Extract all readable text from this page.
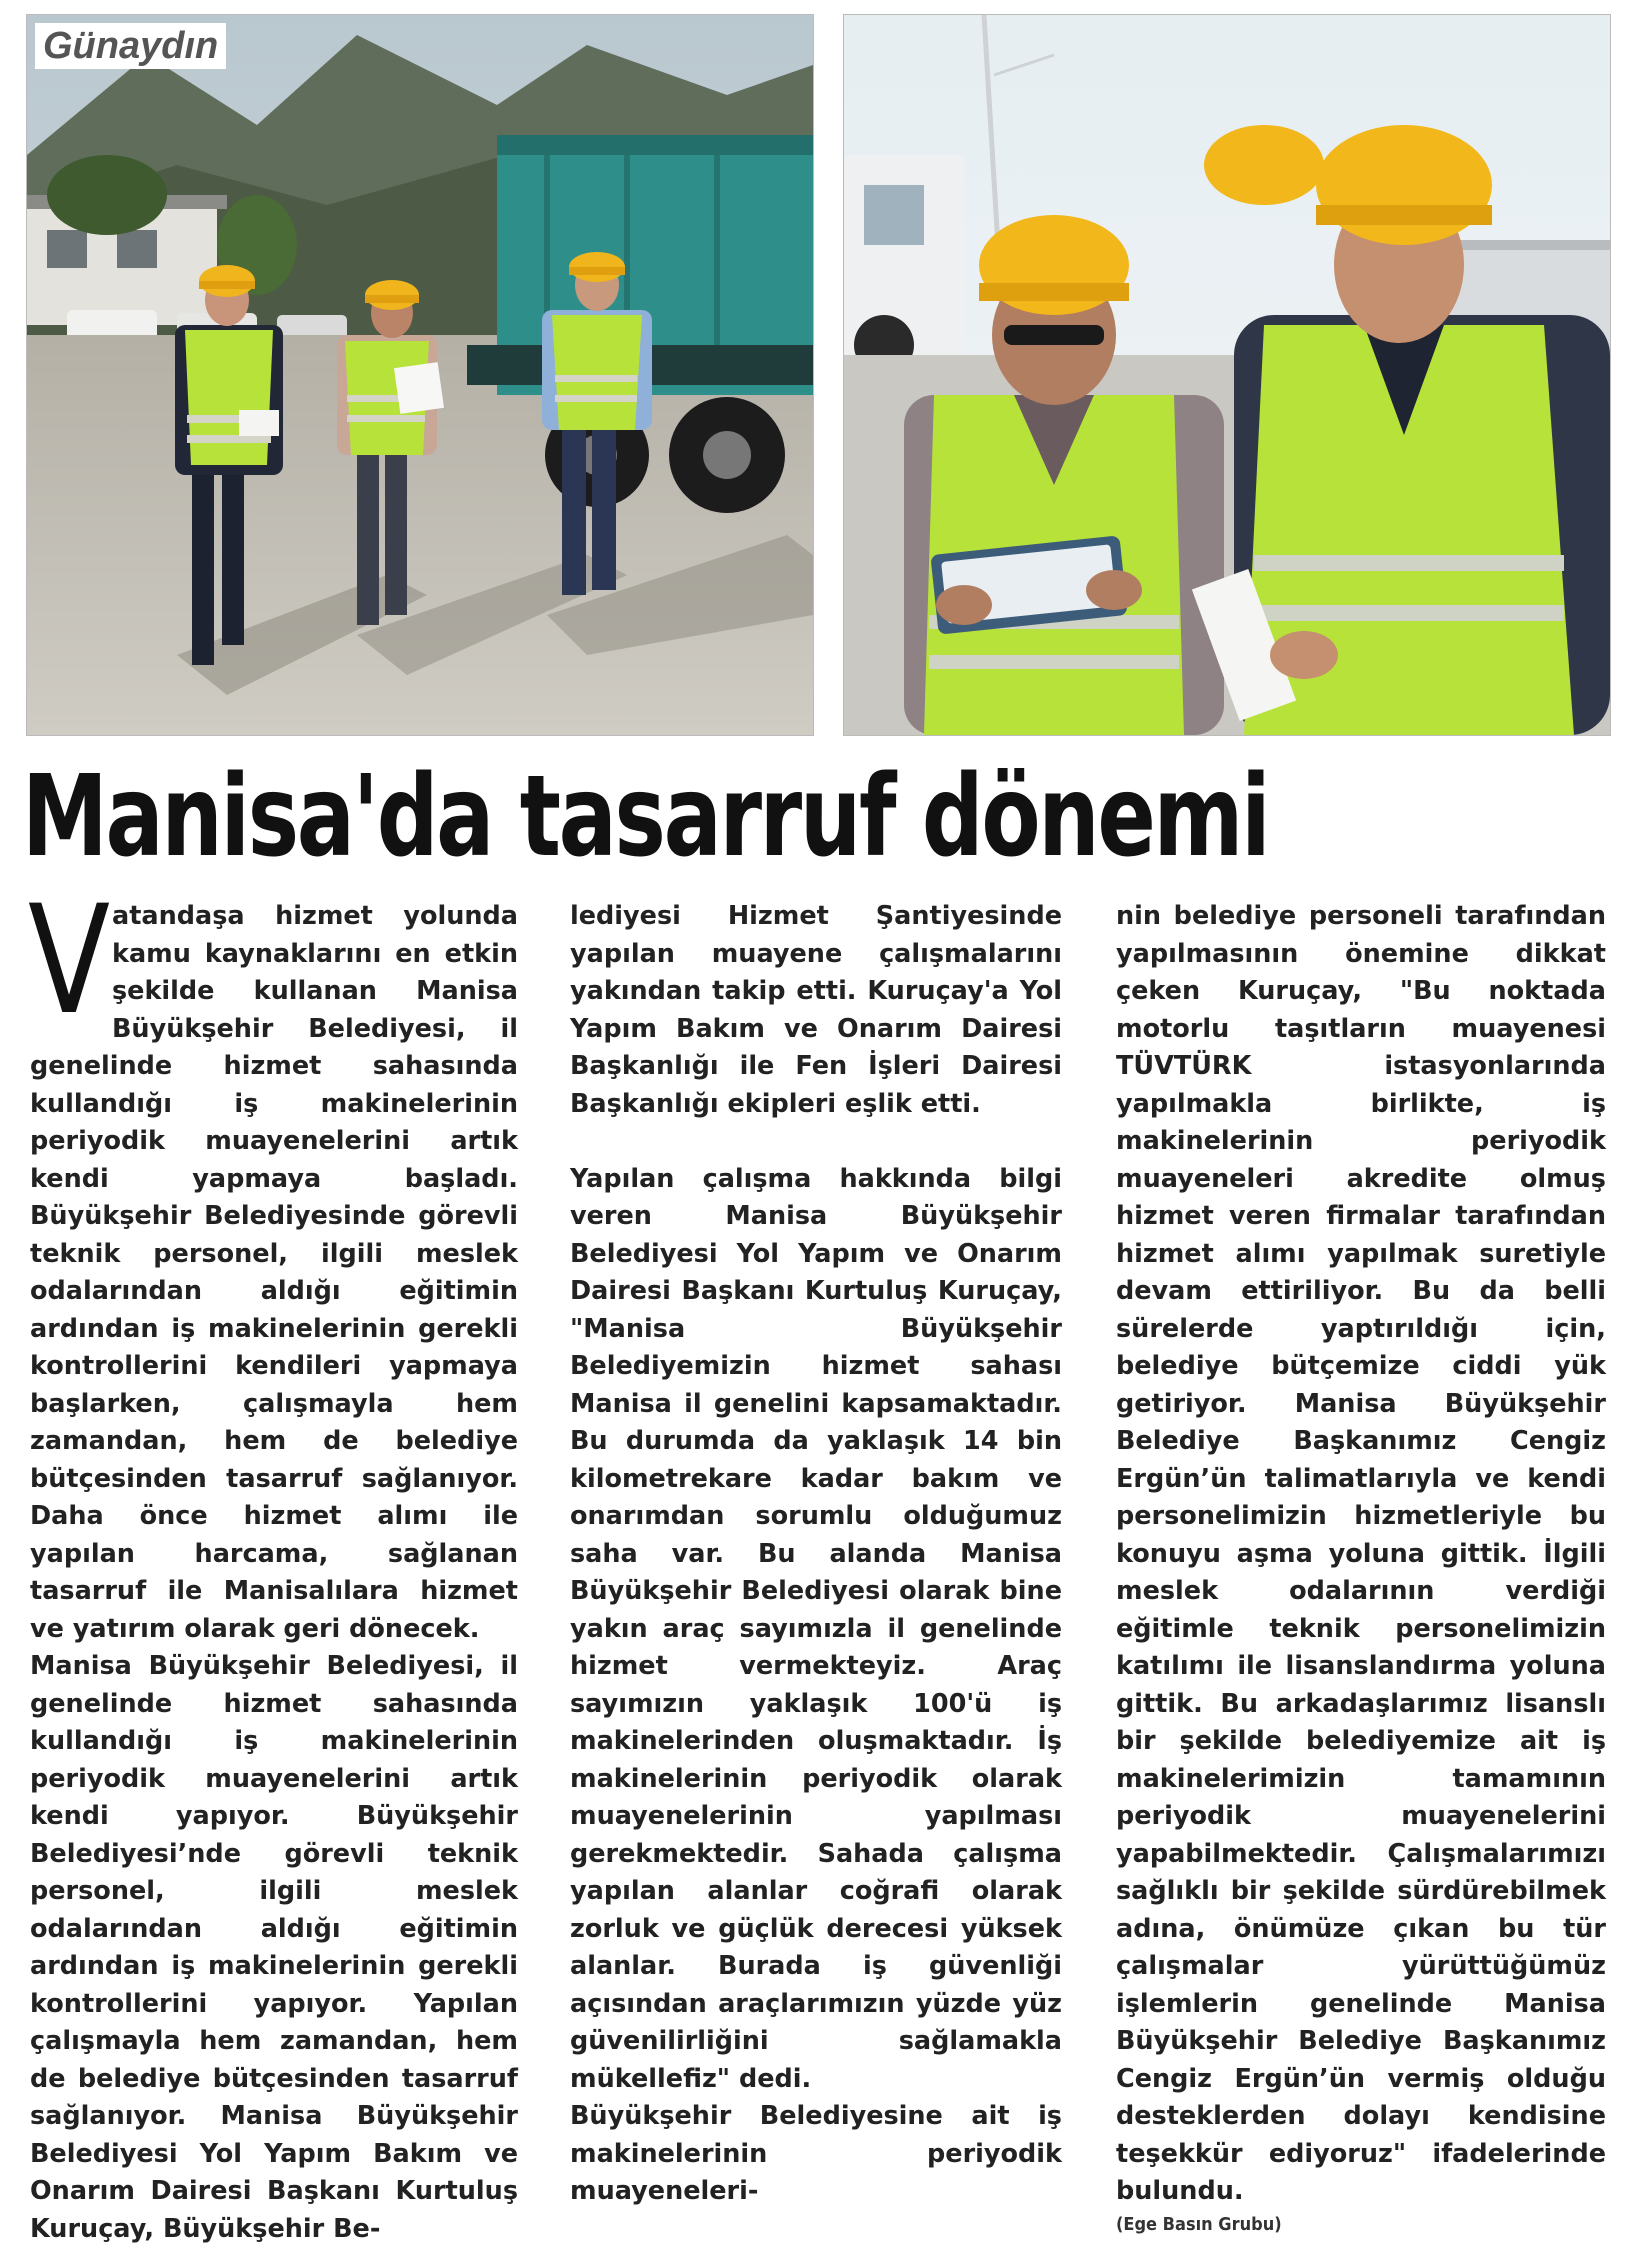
Günaydın
Manisa'da tasarruf dönemi
V atandaşa hizmet yolunda kamu kaynaklarını en etkin şekilde kullanan Manisa Büyükşehir Belediyesi, il genelinde hizmet sahasında kullandığı iş makinelerinin periyodik muayenelerini artık kendi yapmaya başladı. Büyükşehir Belediyesinde görevli teknik personel, ilgili meslek odalarından aldığı eğitimin ardından iş makinelerinin gerekli kontrollerini kendileri yapmaya başlarken, çalışmayla hem zamandan, hem de belediye bütçesinden tasarruf sağlanıyor. Daha önce hizmet alımı ile yapılan harcama, sağlanan tasarruf ile Manisalılara hizmet ve yatırım olarak geri dönecek.

Manisa Büyükşehir Belediyesi, il genelinde hizmet sahasında kullandığı iş makinelerinin periyodik muayenelerini artık kendi yapıyor. Büyükşehir Belediyesi’nde görevli teknik personel, ilgili meslek odalarından aldığı eğitimin ardından iş makinelerinin gerekli kontrollerini yapıyor. Yapılan çalışmayla hem zamandan, hem de belediye bütçesinden tasarruf sağlanıyor. Manisa Büyükşehir Belediyesi Yol Yapım Bakım ve Onarım Dairesi Başkanı Kurtuluş Kuruçay, Büyükşehir Be-

lediyesi Hizmet Şantiyesinde yapılan muayene çalışmalarını yakından takip etti. Kuruçay'a Yol Yapım Bakım ve Onarım Dairesi Başkanlığı ile Fen İşleri Dairesi Başkanlığı ekipleri eşlik etti.

Yapılan çalışma hakkında bilgi veren Manisa Büyükşehir Belediyesi Yol Yapım ve Onarım Dairesi Başkanı Kurtuluş Kuruçay, "Manisa Büyükşehir Belediyemizin hizmet sahası Manisa il genelini kapsamaktadır. Bu durumda da yaklaşık 14 bin kilometrekare kadar bakım ve onarımdan sorumlu olduğumuz saha var. Bu alanda Manisa Büyükşehir Belediyesi olarak bine yakın araç sayımızla il genelinde hizmet vermekteyiz. Araç sayımızın yaklaşık 100'ü iş makinelerinden oluşmaktadır. İş makinelerinin periyodik olarak muayenelerinin yapılması gerekmektedir. Sahada çalışma yapılan alanlar coğrafi olarak zorluk ve güçlük derecesi yüksek alanlar. Burada iş güvenliği açısından araçlarımızın yüzde yüz güvenilirliğini sağlamakla mükellefiz" dedi.

Büyükşehir Belediyesine ait iş makinelerinin periyodik muayeneleri-

nin belediye personeli tarafından yapılmasının önemine dikkat çeken Kuruçay, "Bu noktada motorlu taşıtların muayenesi TÜVTÜRK istasyonlarında yapılmakla birlikte, iş makinelerinin periyodik muayeneleri akredite olmuş hizmet veren firmalar tarafından hizmet alımı yapılmak suretiyle devam ettiriliyor. Bu da belli sürelerde yaptırıldığı için, belediye bütçemize ciddi yük getiriyor. Manisa Büyükşehir Belediye Başkanımız Cengiz Ergün’ün talimatlarıyla ve kendi personelimizin hizmetleriyle bu konuyu aşma yoluna gittik. İlgili meslek odalarının verdiği eğitimle teknik personelimizin katılımı ile lisanslandırma yoluna gittik. Bu arkadaşlarımız lisanslı bir şekilde belediyemize ait iş makinelerimizin tamamının periyodik muayenelerini yapabilmektedir. Çalışmalarımızı sağlıklı bir şekilde sürdürebilmek adına, önümüze çıkan bu tür çalışmalar yürüttüğümüz işlemlerin genelinde Manisa Büyükşehir Belediye Başkanımız Cengiz Ergün’ün vermiş olduğu desteklerden dolayı kendisine teşekkür ediyoruz" ifadelerinde bulundu.

(Ege Basın Grubu)
